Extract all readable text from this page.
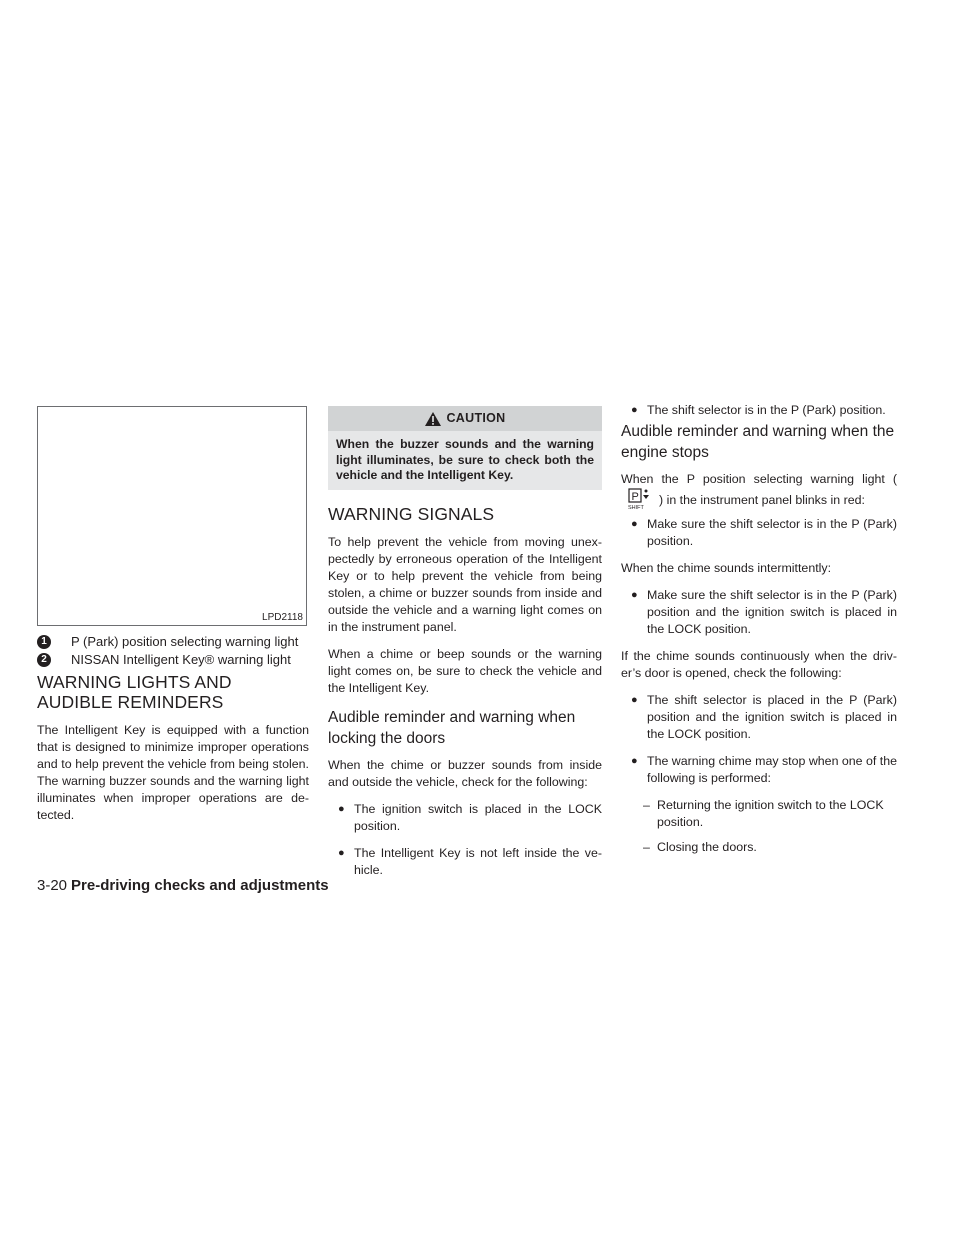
LPD2118
1	P (Park) position selecting warning light
2	NISSAN Intelligent Key® warning light
WARNING LIGHTS AND AUDIBLE REMINDERS

The Intelligent Key is equipped with a function that is designed to minimize improper operations and to help prevent the vehicle from being stolen. The warning buzzer sounds and the warning light illuminates when improper operations are de-tected.

CAUTION
When the buzzer sounds and the warning light illuminates, be sure to check both the vehicle and the Intelligent Key.
WARNING SIGNALS

To help prevent the vehicle from moving unex-pectedly by erroneous operation of the Intelligent Key or to help prevent the vehicle from being stolen, a chime or buzzer sounds from inside and outside the vehicle and a warning light comes on in the instrument panel.

When a chime or beep sounds or the warning light comes on, be sure to check the vehicle and the Intelligent Key.

Audible reminder and warning when locking the doors

When the chime or buzzer sounds from inside and outside the vehicle, check for the following:

● The ignition switch is placed in the LOCK position.
● The Intelligent Key is not left inside the ve-hicle.
● The shift selector is in the P (Park) position.
Audible reminder and warning when the engine stops

When the P position selecting warning light (
P
SHIFT
) in the instrument panel blinks in red:

● Make sure the shift selector is in the P (Park) position.

When the chime sounds intermittently:

● Make sure the shift selector is in the P (Park) position and the ignition switch is placed in the LOCK position.

If the chime sounds continuously when the driv-er’s door is opened, check the following:

● The shift selector is placed in the P (Park) position and the ignition switch is placed in the LOCK position.
● The warning chime may stop when one of the following is performed:
– Returning the ignition switch to the LOCK position.
– Closing the doors.
3-20 Pre-driving checks and adjustments
